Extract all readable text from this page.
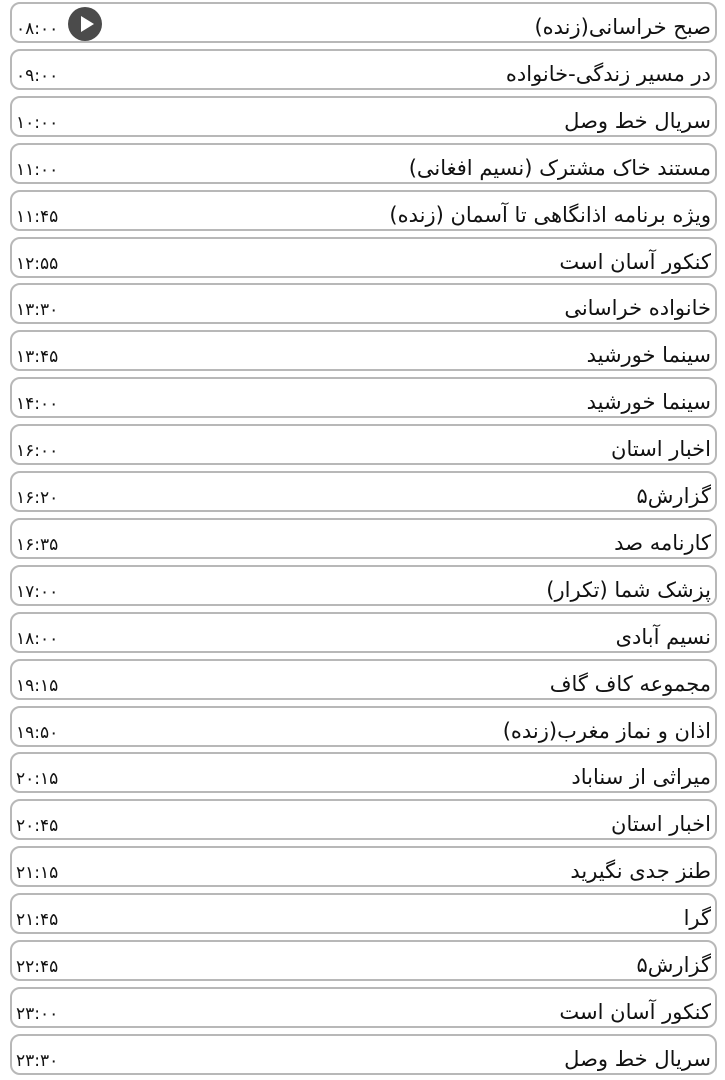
صبح خراسانی(زنده)
۰۸:۰۰
در مسیر زندگی-خانواده
۰۹:۰۰
سریال خط وصل
۱۰:۰۰
مستند خاک مشترک (نسیم افغانی)
۱۱:۰۰
ویژه برنامه اذانگاهی تا آسمان (زنده)
۱۱:۴۵
کنکور آسان است
۱۲:۵۵
خانواده خراسانی
۱۳:۳۰
سینما خورشید
۱۳:۴۵
سینما خورشید
۱۴:۰۰
اخبار استان
۱۶:۰۰
گزارش۵
۱۶:۲۰
کارنامه صد
۱۶:۳۵
پزشک شما (تکرار)
۱۷:۰۰
نسیم آبادی
۱۸:۰۰
مجموعه کاف گاف
۱۹:۱۵
اذان و نماز مغرب(زنده)
۱۹:۵۰
میراثی از سناباد
۲۰:۱۵
اخبار استان
۲۰:۴۵
طنز جدی نگیرید
۲۱:۱۵
گرا
۲۱:۴۵
گزارش۵
۲۲:۴۵
کنکور آسان است
۲۳:۰۰
سریال خط وصل
۲۳:۳۰
